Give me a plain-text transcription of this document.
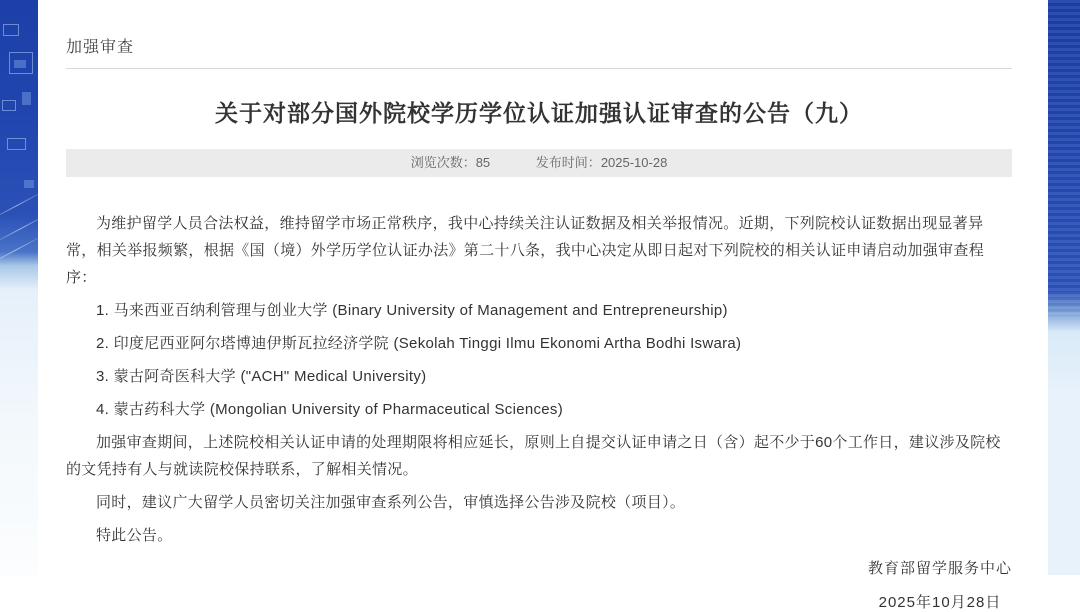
加强审查
关于对部分国外院校学历学位认证加强认证审查的公告（九）
浏览次数：85	发布时间：2025-10-28

为维护留学人员合法权益，维持留学市场正常秩序，我中心持续关注认证数据及相关举报情况。近期，下列院校认证数据出现显著异常，相关举报频繁，根据《国（境）外学历学位认证办法》第二十八条，我中心决定从即日起对下列院校的相关认证申请启动加强审查程序：

1. 马来西亚百纳利管理与创业大学 (Binary University of Management and Entrepreneurship)

2. 印度尼西亚阿尔塔博迪伊斯瓦拉经济学院 (Sekolah Tinggi Ilmu Ekonomi Artha Bodhi Iswara)

3. 蒙古阿奇医科大学 ("ACH" Medical University)

4. 蒙古药科大学 (Mongolian University of Pharmaceutical Sciences)

加强审查期间，上述院校相关认证申请的处理期限将相应延长，原则上自提交认证申请之日（含）起不少于60个工作日，建议涉及院校的文凭持有人与就读院校保持联系，了解相关情况。

同时，建议广大留学人员密切关注加强审查系列公告，审慎选择公告涉及院校（项目）。

特此公告。

教育部留学服务中心
2025年10月28日
